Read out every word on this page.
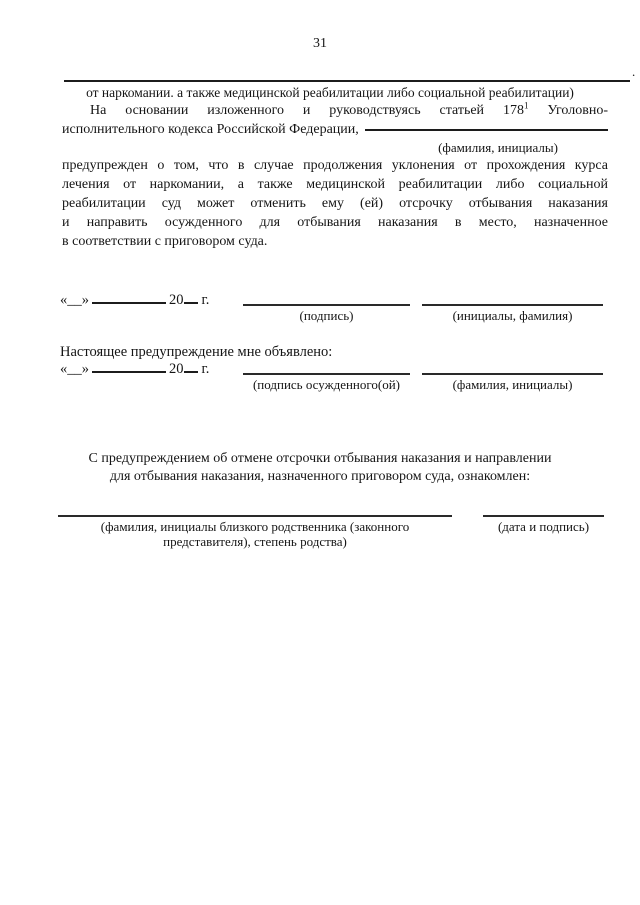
31
.
от наркомании. а также медицинской реабилитации либо социальной реабилитации)
На основании изложенного и руководствуясь статьей $178^1$ Уголовно-
исполнительного кодекса Российской Федерации,
(фамилия, инициалы)
предупрежден о том, что в случае продолжения уклонения от прохождения курса
лечения от наркомании, а также медицинской реабилитации либо социальной
реабилитации суд может отменить ему (ей) отсрочку отбывания наказания
и направить осужденного для отбывания наказания в место, назначенное
в соответствии с приговором суда.
«__»	20 г.
(подпись)	(инициалы, фамилия)
Настоящее предупреждение мне объявлено:
«__»	20 г.
(подпись осужденного(ой)	(фамилия, инициалы)
С предупреждением об отмене отсрочки отбывания наказания и направлении
для отбывания наказания, назначенного приговором суда, ознакомлен:
(фамилия, инициалы близкого родственника (законного
представителя), степень родства)
(дата и подпись)
